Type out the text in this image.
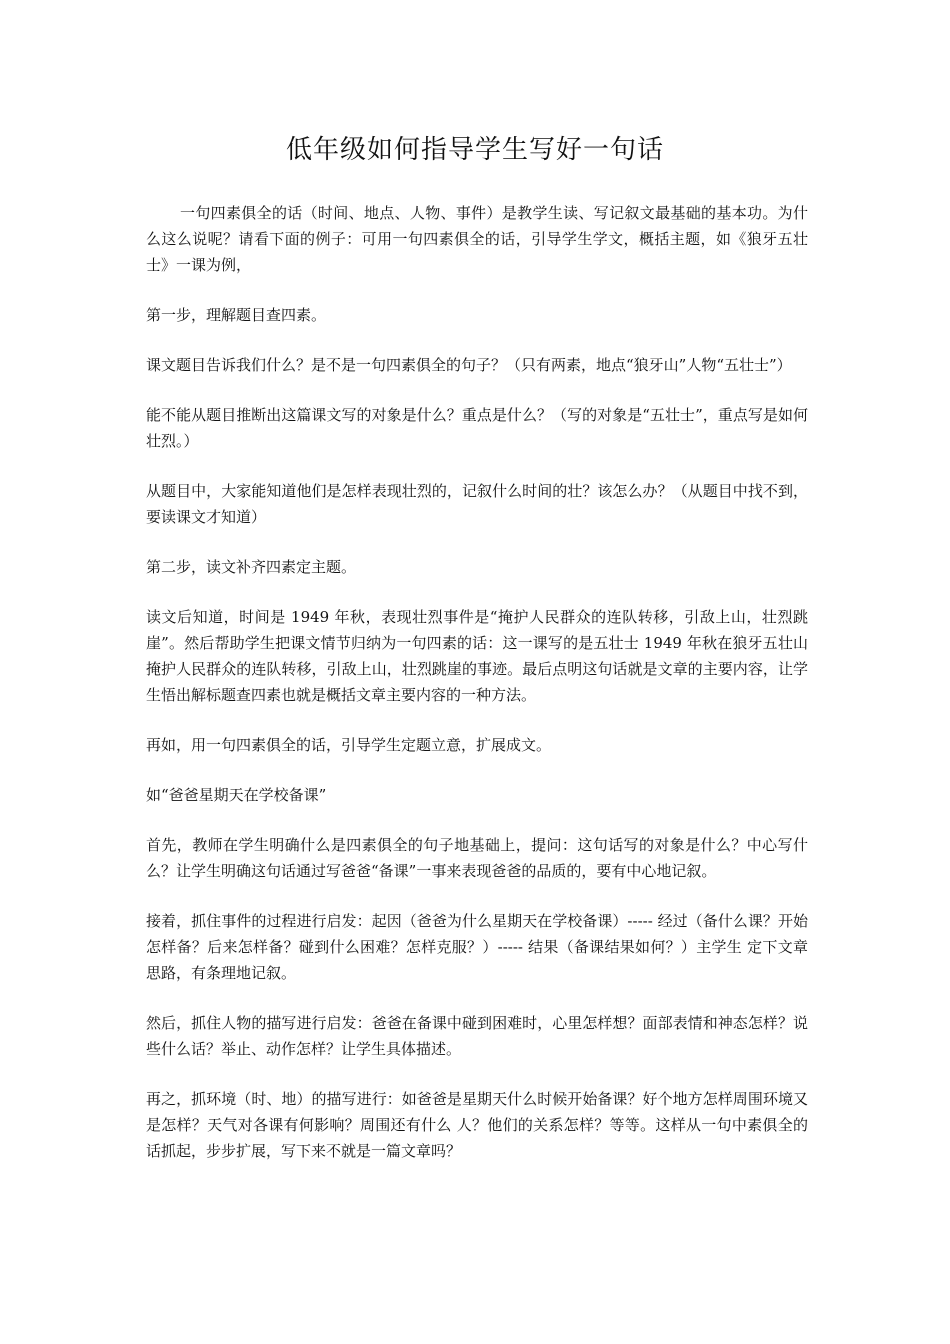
低年级如何指导学生写好一句话

一句四素俱全的话（时间、地点、人物、事件）是教学生读、写记叙文最基础的基本功。为什么这么说呢？请看下面的例子：可用一句四素俱全的话，引导学生学文，概括主题，如《狼牙五壮士》一课为例，

第一步，理解题目查四素。

课文题目告诉我们什么？是不是一句四素俱全的句子？（只有两素，地点“狼牙山”人物“五壮士”）

能不能从题目推断出这篇课文写的对象是什么？重点是什么？（写的对象是“五壮士”，重点写是如何壮烈。）

从题目中，大家能知道他们是怎样表现壮烈的，记叙什么时间的壮？该怎么办？（从题目中找不到，要读课文才知道）

第二步，读文补齐四素定主题。

读文后知道，时间是 1949 年秋，表现壮烈事件是“掩护人民群众的连队转移，引敌上山，壮烈跳崖”。然后帮助学生把课文情节归纳为一句四素的话：这一课写的是五壮士 1949 年秋在狼牙五壮山掩护人民群众的连队转移，引敌上山，壮烈跳崖的事迹。最后点明这句话就是文章的主要内容，让学生悟出解标题查四素也就是概括文章主要内容的一种方法。

再如，用一句四素俱全的话，引导学生定题立意，扩展成文。

如“爸爸星期天在学校备课”

首先，教师在学生明确什么是四素俱全的句子地基础上，提问：这句话写的对象是什么？中心写什么？让学生明确这句话通过写爸爸“备课”一事来表现爸爸的品质的，要有中心地记叙。

接着，抓住事件的过程进行启发：起因（爸爸为什么星期天在学校备课）----- 经过（备什么课？开始怎样备？后来怎样备？碰到什么困难？怎样克服？）----- 结果（备课结果如何？）主学生 定下文章思路，有条理地记叙。

然后，抓住人物的描写进行启发：爸爸在备课中碰到困难时，心里怎样想？面部表情和神态怎样？说些什么话？举止、动作怎样？让学生具体描述。

再之，抓环境（时、地）的描写进行：如爸爸是星期天什么时候开始备课？好个地方怎样周围环境又是怎样？天气对各课有何影响？周围还有什么 人？他们的关系怎样？等等。这样从一句中素俱全的话抓起，步步扩展，写下来不就是一篇文章吗？
